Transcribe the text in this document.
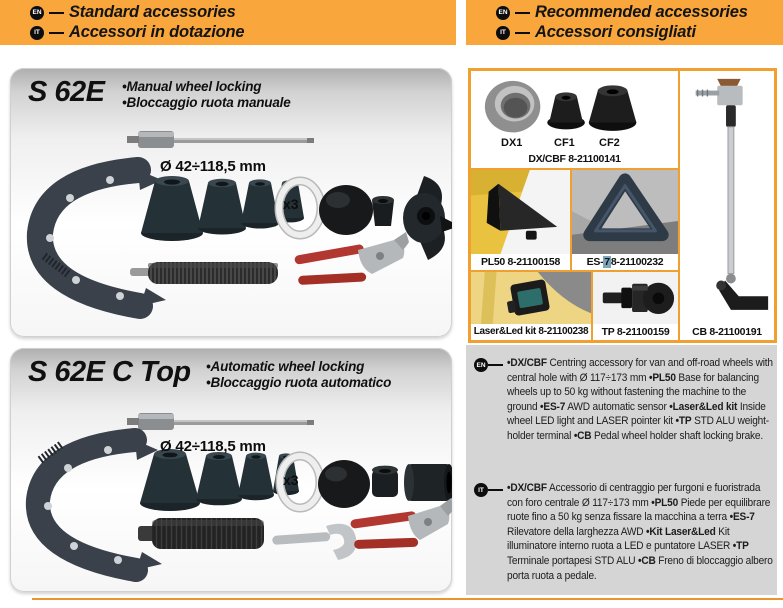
EN Standard accessories
IT Accessori in dotazione
EN Recommended accessories
IT Accessori consigliati
S 62E •Manual wheel locking
•Bloccaggio ruota manuale
Ø 42÷118,5 mm
x3
S 62E C Top •Automatic wheel locking
•Bloccaggio ruota automatico
Ø 42÷118,5 mm
x3
DX1	CF1 CF2
DX/CBF 8-21100141
PL50 8-21100158	ES- 7 8-21100232
Laser&Led kit 8-21100238	TP 8-21100159	CB 8-21100191
EN •DX/CBF Centring accessory for van and off-road wheels with central hole with Ø 117÷173 mm •PL50 Base for balancing wheels up to 50 kg without fastening the machine to the ground •ES-7 AWD automatic sensor •Laser&Led kit Inside wheel LED light and LASER pointer kit •TP STD ALU weight-holder terminal •CB Pedal wheel holder shaft locking brake.
IT	•DX/CBF Accessorio di centraggio per furgoni e fuoristrada con foro centrale Ø 117÷173 mm •PL50 Piede per equilibrare ruote fino a 50 kg senza fissare la macchina a terra •ES-7 Rilevatore della larghezza AWD •Kit Laser&Led Kit illuminatore interno ruota a LED e puntatore LASER •TP Terminale portapesi STD ALU •CB Freno di bloccaggio albero porta ruota a pedale.
